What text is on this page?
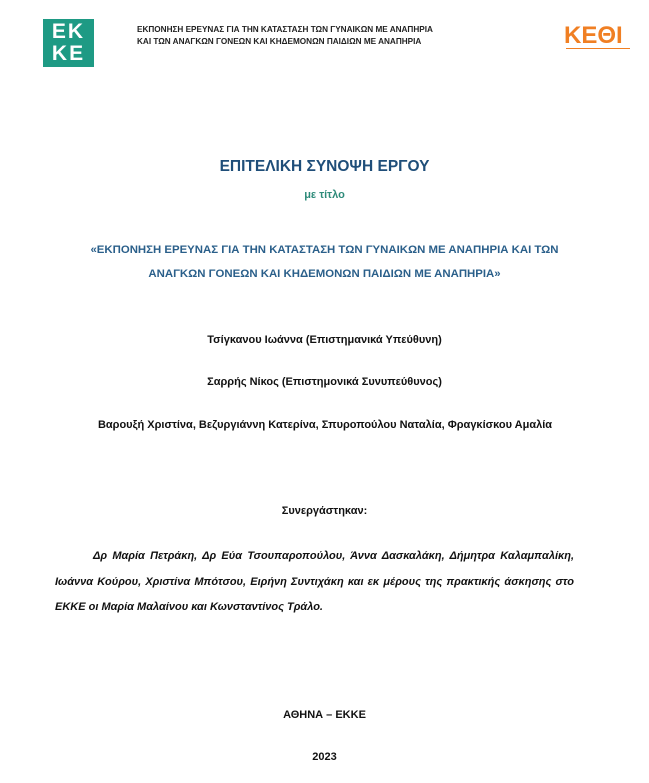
ΕΚ
ΚΕ
ΕΚΠΟΝΗΣΗ ΕΡΕΥΝΑΣ ΓΙΑ ΤΗΝ ΚΑΤΑΣΤΑΣΗ ΤΩΝ ΓΥΝΑΙΚΩΝ ΜΕ ΑΝΑΠΗΡΙΑ
ΚΑΙ ΤΩΝ ΑΝΑΓΚΩΝ ΓΟΝΕΩΝ ΚΑΙ ΚΗΔΕΜΟΝΩΝ ΠΑΙΔΙΩΝ ΜΕ ΑΝΑΠΗΡΙΑ	ΚΕΘΙ
ΕΠΙΤΕΛΙΚΗ ΣΥΝΟΨΗ ΕΡΓΟΥ
με τίτλο
«ΕΚΠΟΝΗΣΗ ΕΡΕΥΝΑΣ ΓΙΑ ΤΗΝ ΚΑΤΑΣΤΑΣΗ ΤΩΝ ΓΥΝΑΙΚΩΝ ΜΕ ΑΝΑΠΗΡΙΑ ΚΑΙ ΤΩΝ
ΑΝΑΓΚΩΝ ΓΟΝΕΩΝ ΚΑΙ ΚΗΔΕΜΟΝΩΝ ΠΑΙΔΙΩΝ ΜΕ ΑΝΑΠΗΡΙΑ»
Τσίγκανου Ιωάννα (Επιστημανικά Υπεύθυνη)
Σαρρής Νίκος (Επιστημονικά Συνυπεύθυνος)
Βαρουξή Χριστίνα, Βεζυργιάννη Κατερίνα, Σπυροπούλου Ναταλία, Φραγκίσκου Αμαλία
Συνεργάστηκαν:
Δρ Μαρία Πετράκη, Δρ Εύα Τσουπαροπούλου, Άννα Δασκαλάκη, Δήμητρα Καλαμπαλίκη, Ιωάννα Κούρου, Χριστίνα Μπότσου, Ειρήνη Συντιχάκη και εκ μέρους της πρακτικής άσκησης στο ΕΚΚΕ οι Μαρία Μαλαίνου και Κωνσταντίνος Τράλο.
ΑΘΗΝΑ – ΕΚΚΕ
2023
